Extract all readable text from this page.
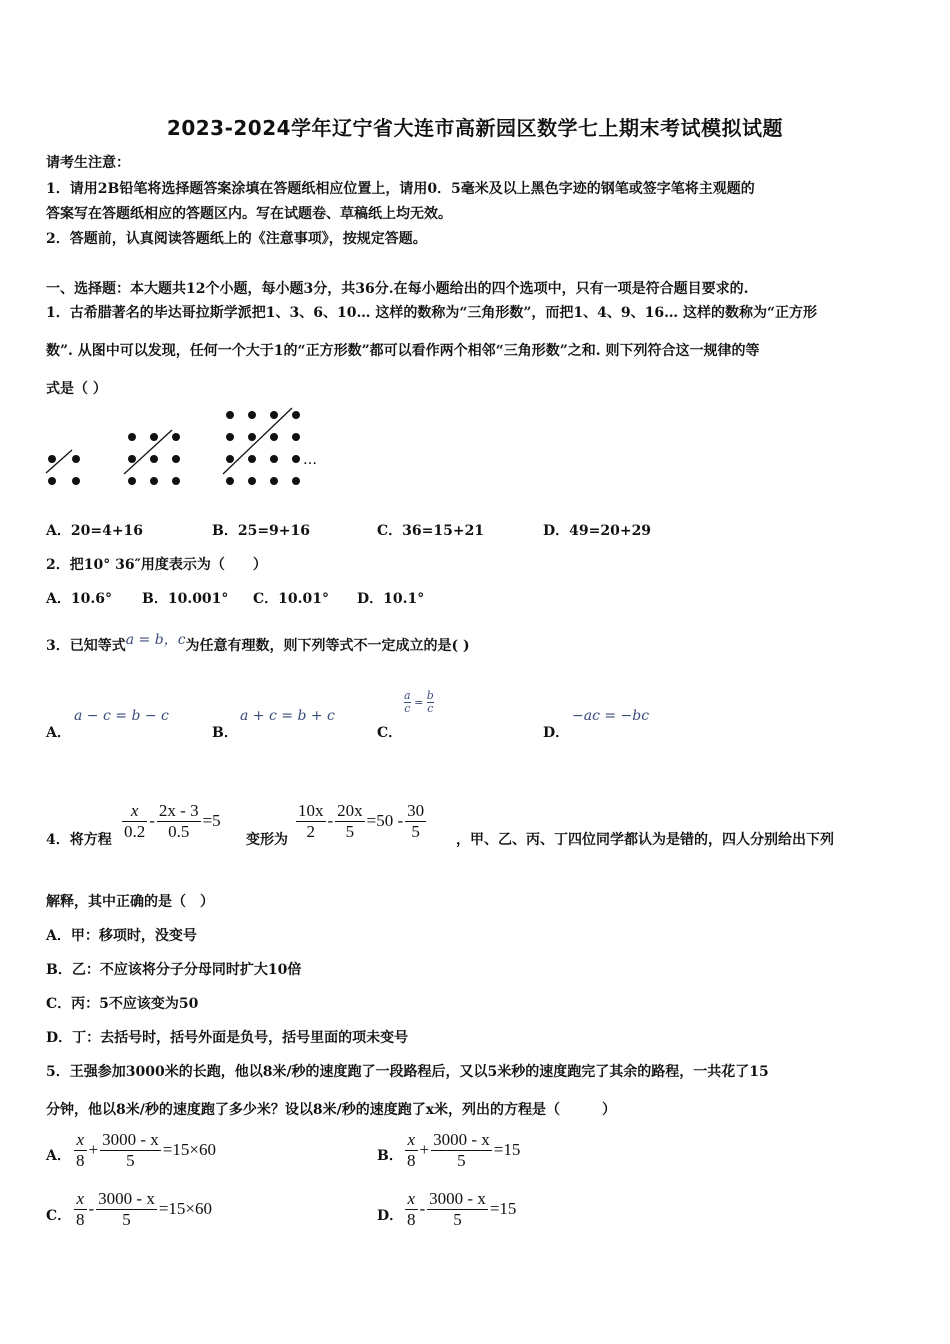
2023-2024学年辽宁省大连市高新园区数学七上期末考试模拟试题
请考生注意：
1．请用2B铅笔将选择题答案涂填在答题纸相应位置上，请用0．5毫米及以上黑色字迹的钢笔或签字笔将主观题的
答案写在答题纸相应的答题区内。写在试题卷、草稿纸上均无效。
2．答题前，认真阅读答题纸上的《注意事项》，按规定答题。
一、选择题：本大题共12个小题，每小题3分，共36分.在每小题给出的四个选项中，只有一项是符合题目要求的.
1．古希腊著名的毕达哥拉斯学派把1、3、6、10… 这样的数称为“三角形数”，而把1、4、9、16… 这样的数称为“正方形
数”. 从图中可以发现，任何一个大于1的“正方形数”都可以看作两个相邻“三角形数”之和. 则下列符合这一规律的等
式是（ ）
…
A．20=4+16	B．25=9+16	C．36=15+21	D．49=20+29
2．把10° 36″用度表示为（　　）
A．10.6° B．10.001° C．10.01° D．10.1°
3．已知等式a = b，c为任意有理数，则下列等式不一定成立的是( )
A．
a − c = b − c
B．
a + c = b + c
C．
$\frac{a}{c} = \frac{b}{c}$
D．
−ac = −bc
4．将方程 $\frac{x}{0.2} - \frac{2x - 3}{0.5} =5$
变形为 $\frac{10x}{2} - \frac{20x}{5} =50 - \frac{30}{5}$ ，甲、乙、丙、丁四位同学都认为是错的，四人分别给出下列
解释，其中正确的是（　）
A．甲：移项时，没变号
B．乙：不应该将分子分母同时扩大10倍
C．丙：5不应该变为50
D．丁：去括号时，括号外面是负号，括号里面的项未变号
5．王强参加3000米的长跑，他以8米/秒的速度跑了一段路程后，又以5米秒的速度跑完了其余的路程，一共花了15
分钟，他以8米/秒的速度跑了多少米？设以8米/秒的速度跑了x米，列出的方程是（　　　）
A． $\frac{x}{8} + \frac{3000 - x}{5} =15\times 60$	B． $\frac{x}{8} + \frac{3000 - x}{5} =15$
C． $\frac{x}{8} - \frac{3000 - x}{5} =15\times 60$	D． $\frac{x}{8} - \frac{3000 - x}{5} =15$
